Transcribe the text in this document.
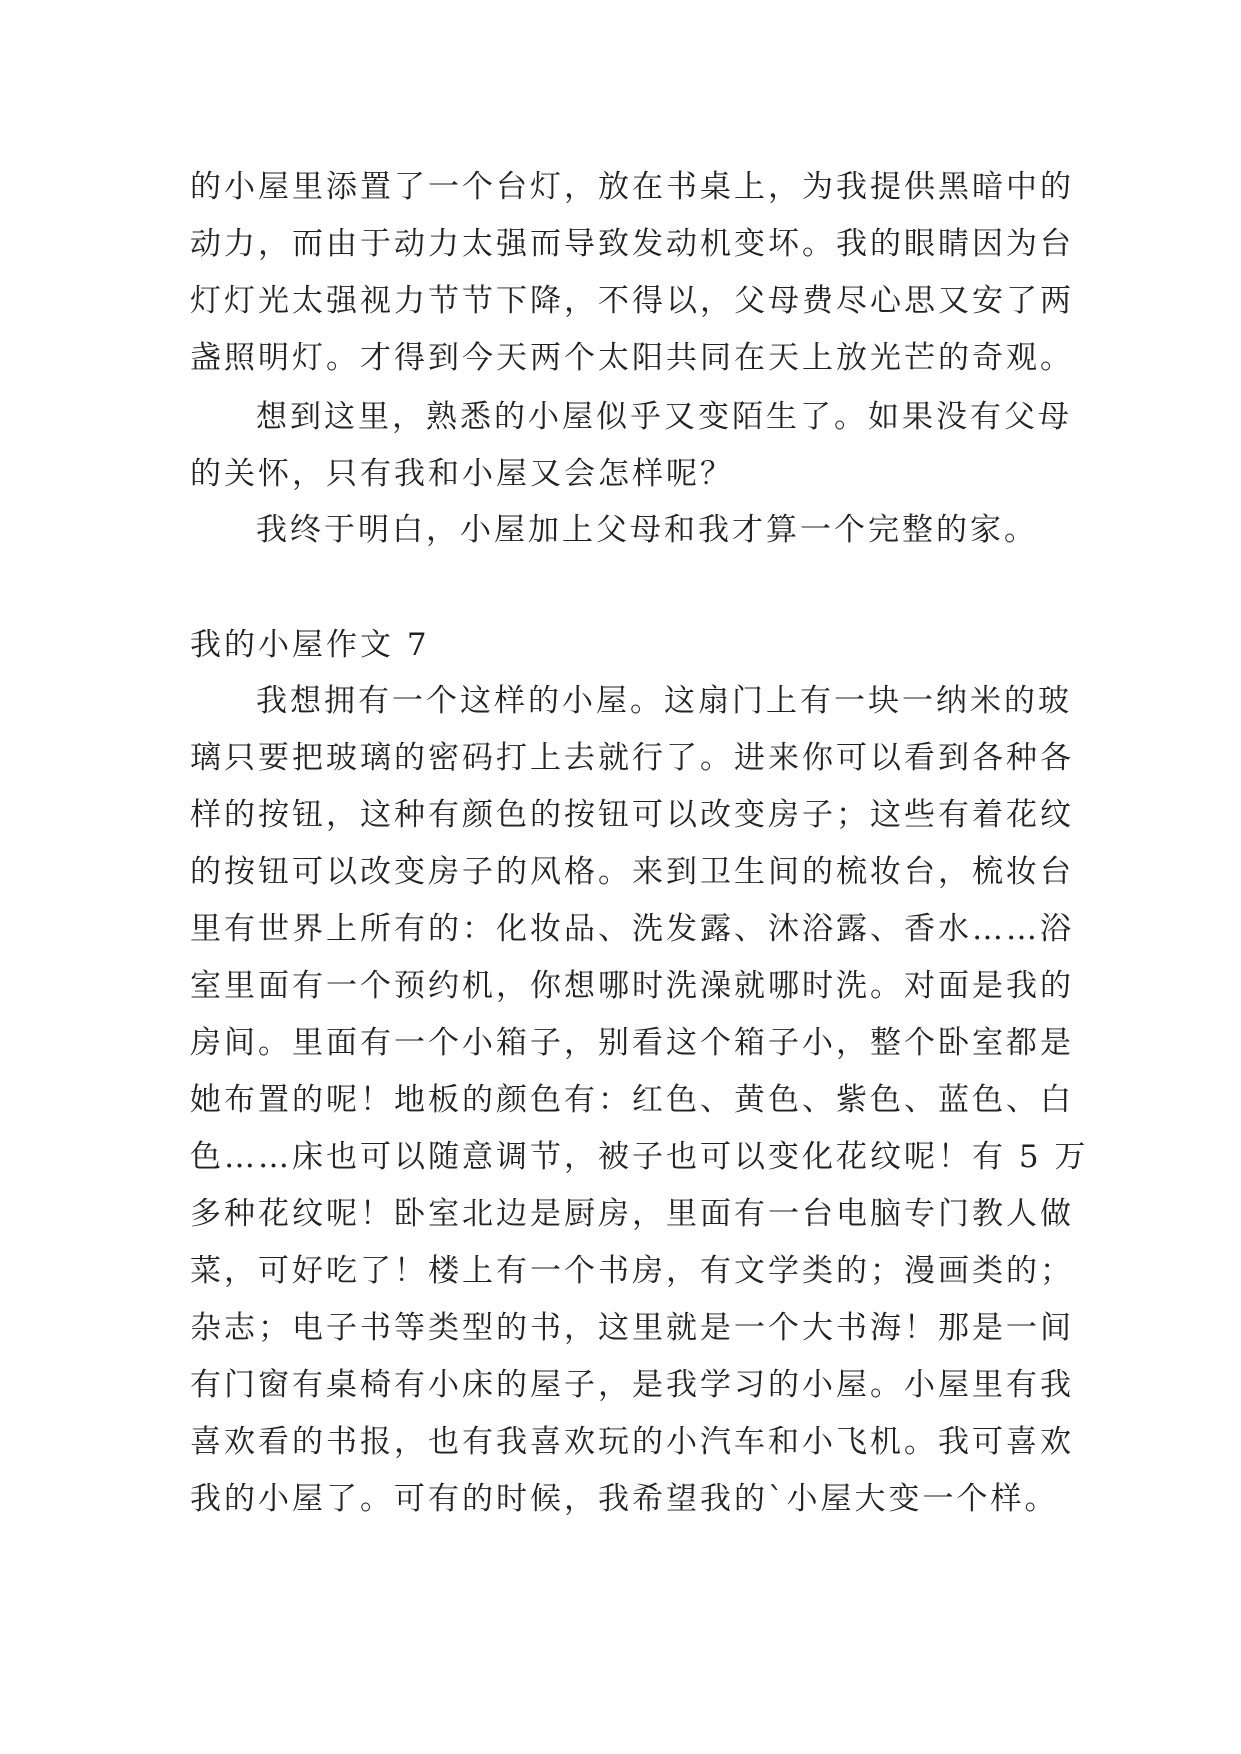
的小屋里添置了一个台灯，放在书桌上，为我提供黑暗中的
动力，而由于动力太强而导致发动机变坏。我的眼睛因为台
灯灯光太强视力节节下降，不得以，父母费尽心思又安了两
盏照明灯。才得到今天两个太阳共同在天上放光芒的奇观。
想到这里，熟悉的小屋似乎又变陌生了。如果没有父母
的关怀，只有我和小屋又会怎样呢？
我终于明白，小屋加上父母和我才算一个完整的家。
我的小屋作文 7
我想拥有一个这样的小屋。这扇门上有一块一纳米的玻
璃只要把玻璃的密码打上去就行了。进来你可以看到各种各
样的按钮，这种有颜色的按钮可以改变房子；这些有着花纹
的按钮可以改变房子的风格。来到卫生间的梳妆台，梳妆台
里有世界上所有的：化妆品、洗发露、沐浴露、香水……浴
室里面有一个预约机，你想哪时洗澡就哪时洗。对面是我的
房间。里面有一个小箱子，别看这个箱子小，整个卧室都是
她布置的呢！地板的颜色有：红色、黄色、紫色、蓝色、白
色……床也可以随意调节，被子也可以变化花纹呢！有 5 万
多种花纹呢！卧室北边是厨房，里面有一台电脑专门教人做
菜，可好吃了！楼上有一个书房，有文学类的；漫画类的；
杂志；电子书等类型的书，这里就是一个大书海！那是一间
有门窗有桌椅有小床的屋子，是我学习的小屋。小屋里有我
喜欢看的书报，也有我喜欢玩的小汽车和小飞机。我可喜欢
我的小屋了。可有的时候，我希望我的`小屋大变一个样。
